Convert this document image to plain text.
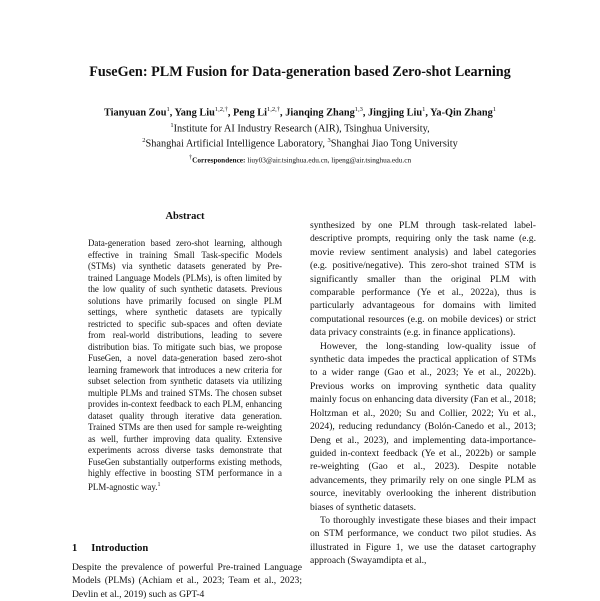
FuseGen: PLM Fusion for Data-generation based Zero-shot Learning
Tianyuan Zou$^1$, Yang Liu$^{1,2,\dagger}$, Peng $Li^{1,2,\dagger}$, Jianqing Zhang$^{1,3}$, Jingjing Liu$^1$, Ya-Qin Zhang$^1$
$^1$Institute for AI Industry Research (AIR), Tsinghua University,
$^2$Shanghai Artificial Intelligence Laboratory, $^3$Shanghai Jiao Tong University
†Correspondence: liuy03@air.tsinghua.edu.cn, lipeng@air.tsinghua.edu.cn
Abstract
Data-generation based zero-shot learning, although effective in training Small Task-specific Models (STMs) via synthetic datasets generated by Pre-trained Language Models (PLMs), is often limited by the low quality of such synthetic datasets. Previous solutions have primarily focused on single PLM settings, where synthetic datasets are typically restricted to specific sub-spaces and often deviate from real-world distributions, leading to severe distribution bias. To mitigate such bias, we propose FuseGen, a novel data-generation based zero-shot learning framework that introduces a new criteria for subset selection from synthetic datasets via utilizing multiple PLMs and trained STMs. The chosen subset provides in-context feedback to each PLM, enhancing dataset quality through iterative data generation. Trained STMs are then used for sample re-weighting as well, further improving data quality. Extensive experiments across diverse tasks demonstrate that FuseGen substantially outperforms existing methods, highly effective in boosting STM performance in a PLM-agnostic way.$^1$
1 Introduction
Despite the prevalence of powerful Pre-trained Language Models (PLMs) (Achiam et al., 2023; Team et al., 2023; Devlin et al., 2019) such as GPT-4

synthesized by one PLM through task-related label-descriptive prompts, requiring only the task name (e.g. movie review sentiment analysis) and label categories (e.g. positive/negative). This zero-shot trained STM is significantly smaller than the original PLM with comparable performance (Ye et al., 2022a), thus is particularly advantageous for domains with limited computational resources (e.g. on mobile devices) or strict data privacy constraints (e.g. in finance applications).

However, the long-standing low-quality issue of synthetic data impedes the practical application of STMs to a wider range (Gao et al., 2023; Ye et al., 2022b). Previous works on improving synthetic data quality mainly focus on enhancing data diversity (Fan et al., 2018; Holtzman et al., 2020; Su and Collier, 2022; Yu et al., 2024), reducing redundancy (Bolón-Canedo et al., 2013; Deng et al., 2023), and implementing data-importance-guided in-context feedback (Ye et al., 2022b) or sample re-weighting (Gao et al., 2023). Despite notable advancements, they primarily rely on one single PLM as source, inevitably overlooking the inherent distribution biases of synthetic datasets.

To thoroughly investigate these biases and their impact on STM performance, we conduct two pilot studies. As illustrated in Figure 1, we use the dataset cartography approach (Swayamdipta et al.,
